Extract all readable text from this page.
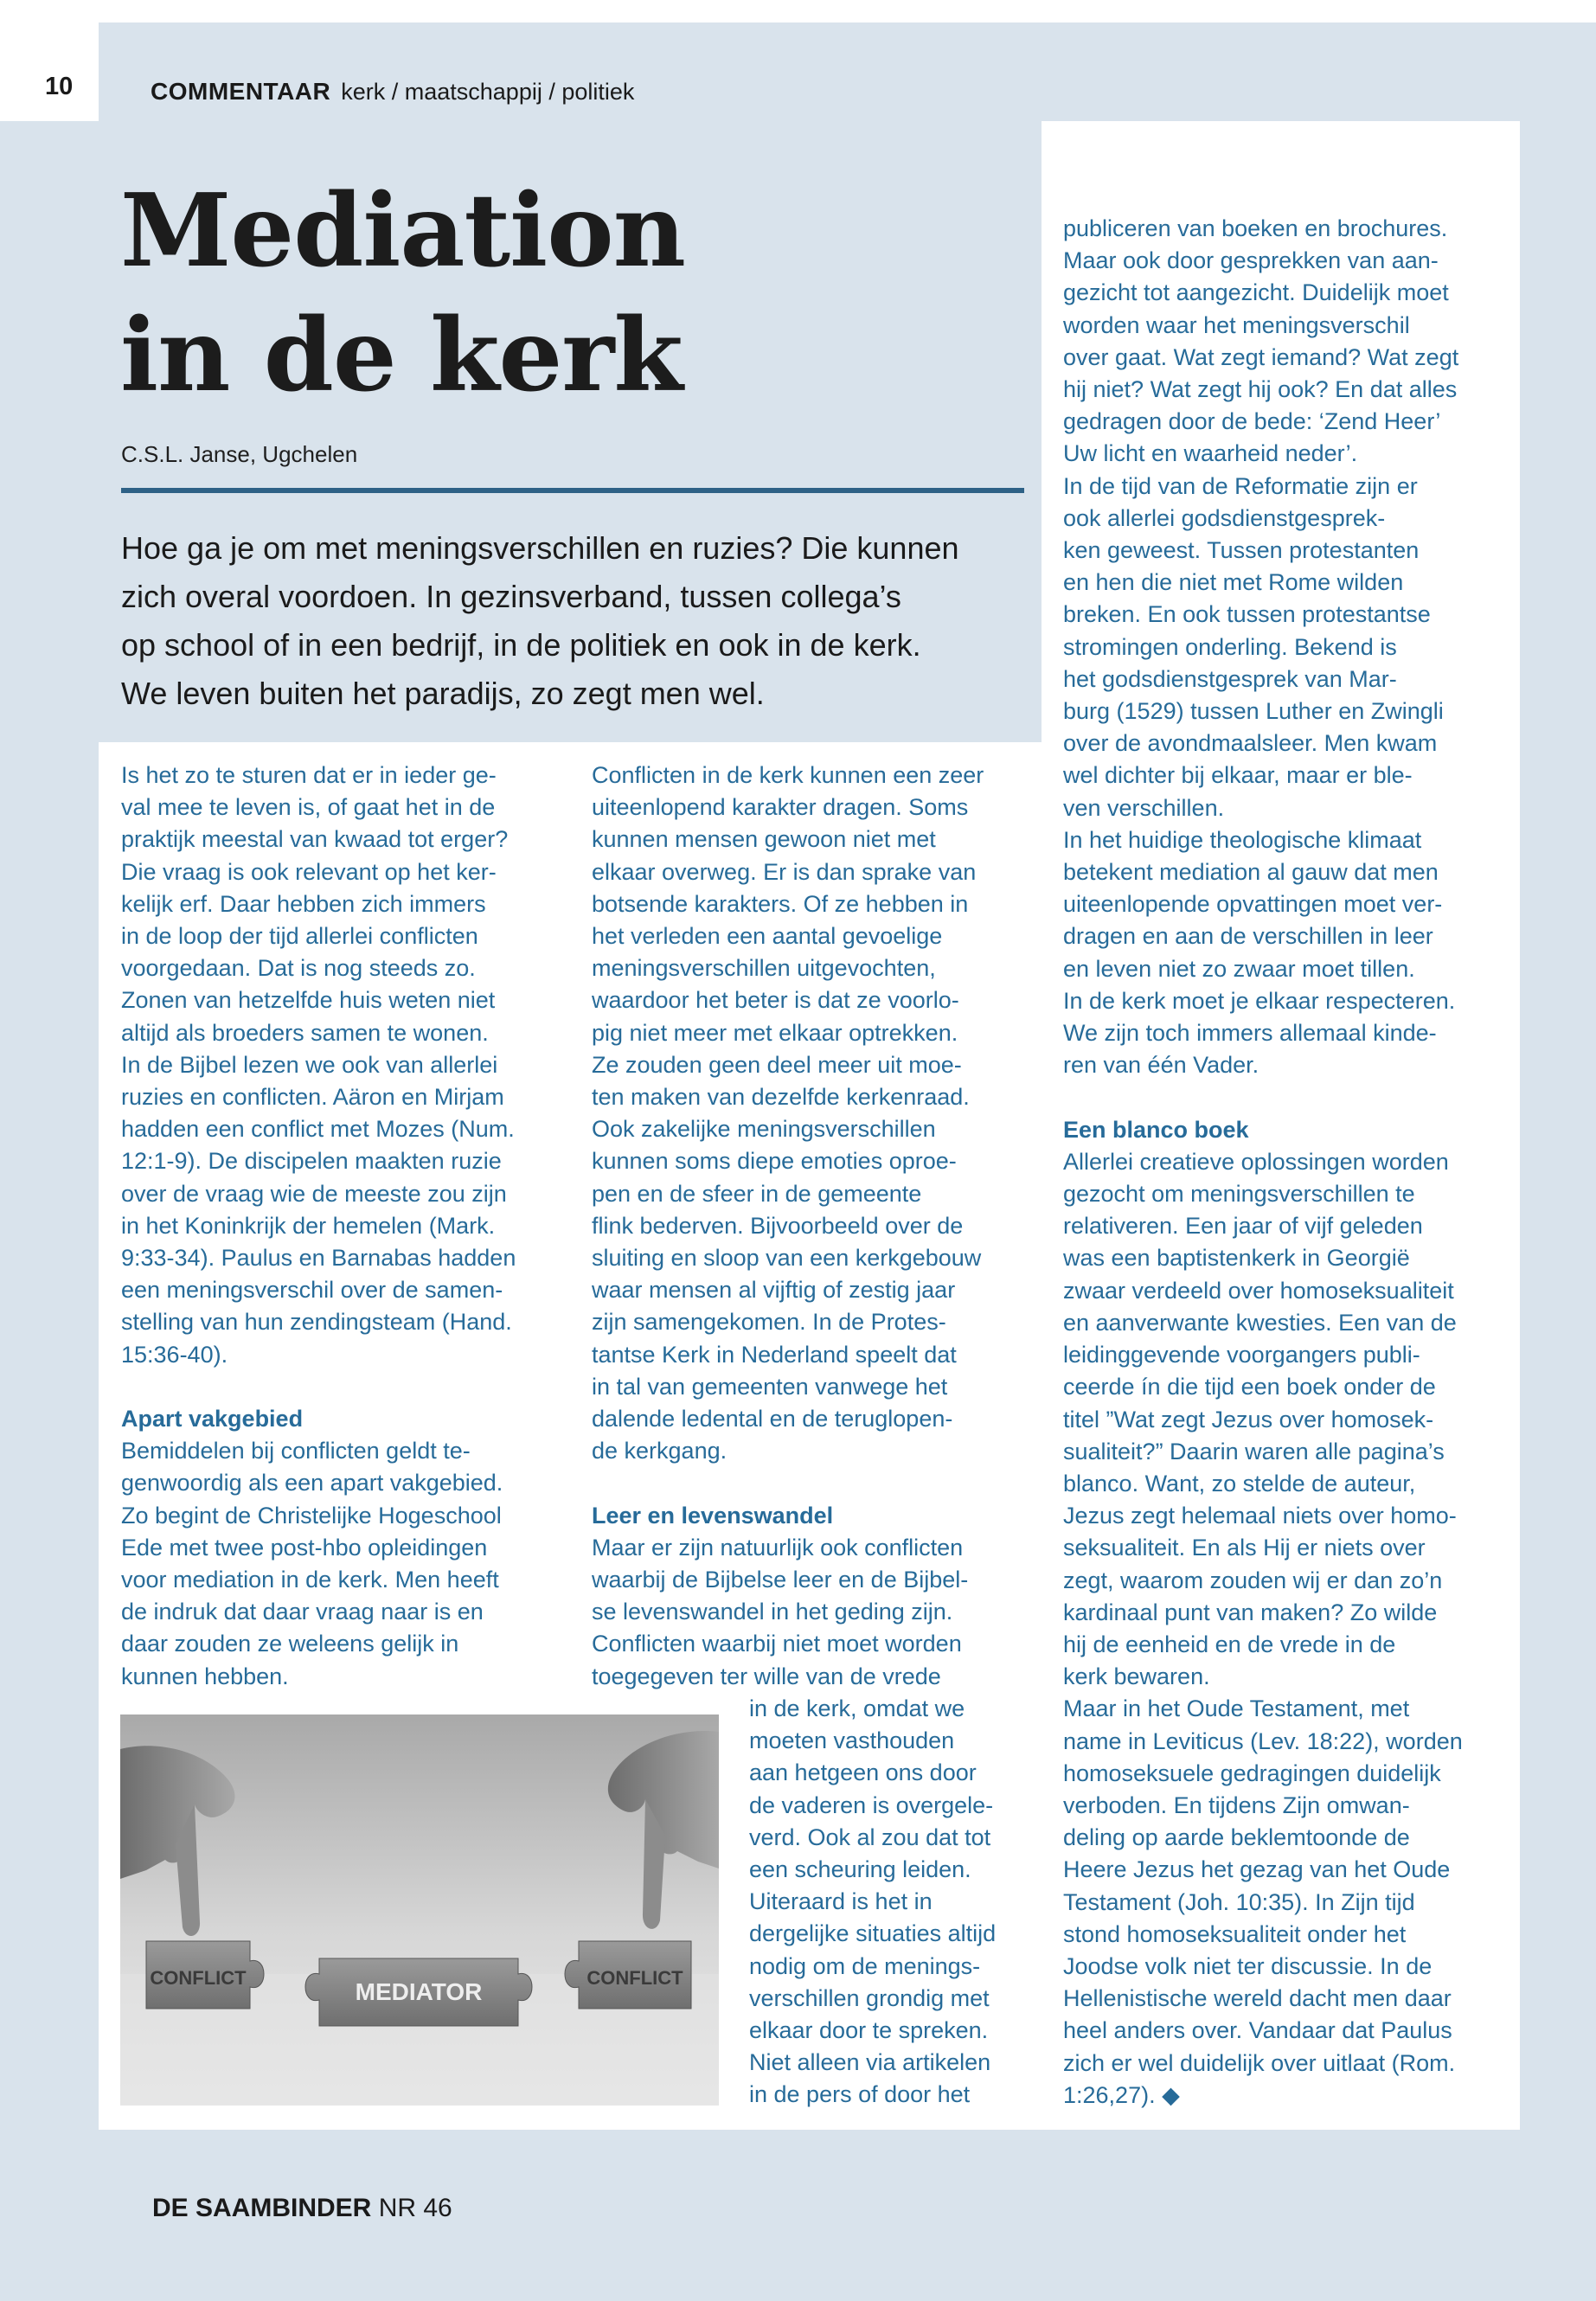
10	COMMENTAAR kerk / maatschappij / politiek
Mediation
in de kerk
C.S.L. Janse, Ugchelen
Hoe ga je om met meningsverschillen en ruzies? Die kunnen
zich overal voordoen. In gezinsverband, tussen collega’s
op school of in een bedrijf, in de politiek en ook in de kerk.
We leven buiten het paradijs, zo zegt men wel.
Is het zo te sturen dat er in ieder ge-
val mee te leven is, of gaat het in de
praktijk meestal van kwaad tot erger?
Die vraag is ook relevant op het ker-
kelijk erf. Daar hebben zich immers
in de loop der tijd allerlei conflicten
voorgedaan. Dat is nog steeds zo.
Zonen van hetzelfde huis weten niet
altijd als broeders samen te wonen.
In de Bijbel lezen we ook van allerlei
ruzies en conflicten. Aäron en Mirjam
hadden een conflict met Mozes (Num.
12:1-9). De discipelen maakten ruzie
over de vraag wie de meeste zou zijn
in het Koninkrijk der hemelen (Mark.
9:33-34). Paulus en Barnabas hadden
een meningsverschil over de samen-
stelling van hun zendingsteam (Hand.
15:36-40).
Apart vakgebied
Bemiddelen bij conflicten geldt te-
genwoordig als een apart vakgebied.
Zo begint de Christelijke Hogeschool
Ede met twee post-hbo opleidingen
voor mediation in de kerk. Men heeft
de indruk dat daar vraag naar is en
daar zouden ze weleens gelijk in
kunnen hebben.
Conflicten in de kerk kunnen een zeer
uiteenlopend karakter dragen. Soms
kunnen mensen gewoon niet met
elkaar overweg. Er is dan sprake van
botsende karakters. Of ze hebben in
het verleden een aantal gevoelige
meningsverschillen uitgevochten,
waardoor het beter is dat ze voorlo-
pig niet meer met elkaar optrekken.
Ze zouden geen deel meer uit moe-
ten maken van dezelfde kerkenraad.
Ook zakelijke meningsverschillen
kunnen soms diepe emoties oproe-
pen en de sfeer in de gemeente
flink bederven. Bijvoorbeeld over de
sluiting en sloop van een kerkgebouw
waar mensen al vijftig of zestig jaar
zijn samengekomen. In de Protes-
tantse Kerk in Nederland speelt dat
in tal van gemeenten vanwege het
dalende ledental en de teruglopen-
de kerkgang.
Leer en levenswandel
Maar er zijn natuurlijk ook conflicten
waarbij de Bijbelse leer en de Bijbel-
se levenswandel in het geding zijn.
Conflicten waarbij niet moet worden
toegegeven ter wille van de vrede
in de kerk, omdat we
moeten vasthouden
aan hetgeen ons door
de vaderen is overgele-
verd. Ook al zou dat tot
een scheuring leiden.
Uiteraard is het in
dergelijke situaties altijd
nodig om de menings-
verschillen grondig met
elkaar door te spreken.
Niet alleen via artikelen
in de pers of door het
publiceren van boeken en brochures.
Maar ook door gesprekken van aan-
gezicht tot aangezicht. Duidelijk moet
worden waar het meningsverschil
over gaat. Wat zegt iemand? Wat zegt
hij niet? Wat zegt hij ook? En dat alles
gedragen door de bede: ‘Zend Heer’
Uw licht en waarheid neder’.
In de tijd van de Reformatie zijn er
ook allerlei godsdienstgesprek-
ken geweest. Tussen protestanten
en hen die niet met Rome wilden
breken. En ook tussen protestantse
stromingen onderling. Bekend is
het godsdienstgesprek van Mar-
burg (1529) tussen Luther en Zwingli
over de avondmaalsleer. Men kwam
wel dichter bij elkaar, maar er ble-
ven verschillen.
In het huidige theologische klimaat
betekent mediation al gauw dat men
uiteenlopende opvattingen moet ver-
dragen en aan de verschillen in leer
en leven niet zo zwaar moet tillen.
In de kerk moet je elkaar respecteren.
We zijn toch immers allemaal kinde-
ren van één Vader.
Een blanco boek
Allerlei creatieve oplossingen worden
gezocht om meningsverschillen te
relativeren. Een jaar of vijf geleden
was een baptistenkerk in Georgië
zwaar verdeeld over homoseksualiteit
en aanverwante kwesties. Een van de
leidinggevende voorgangers publi-
ceerde ín die tijd een boek onder de
titel ”Wat zegt Jezus over homosek-
sualiteit?” Daarin waren alle pagina’s
blanco. Want, zo stelde de auteur,
Jezus zegt helemaal niets over homo-
seksualiteit. En als Hij er niets over
zegt, waarom zouden wij er dan zo’n
kardinaal punt van maken? Zo wilde
hij de eenheid en de vrede in de
kerk bewaren.
Maar in het Oude Testament, met
name in Leviticus (Lev. 18:22), worden
homoseksuele gedragingen duidelijk
verboden. En tijdens Zijn omwan-
deling op aarde beklemtoonde de
Heere Jezus het gezag van het Oude
Testament (Joh. 10:35). In Zijn tijd
stond homoseksualiteit onder het
Joodse volk niet ter discussie. In de
Hellenistische wereld dacht men daar
heel anders over. Vandaar dat Paulus
zich er wel duidelijk over uitlaat (Rom.
1:26,27). ◆
CONFLICT
MEDIATOR
CONFLICT
DE SAAMBINDER NR 46
